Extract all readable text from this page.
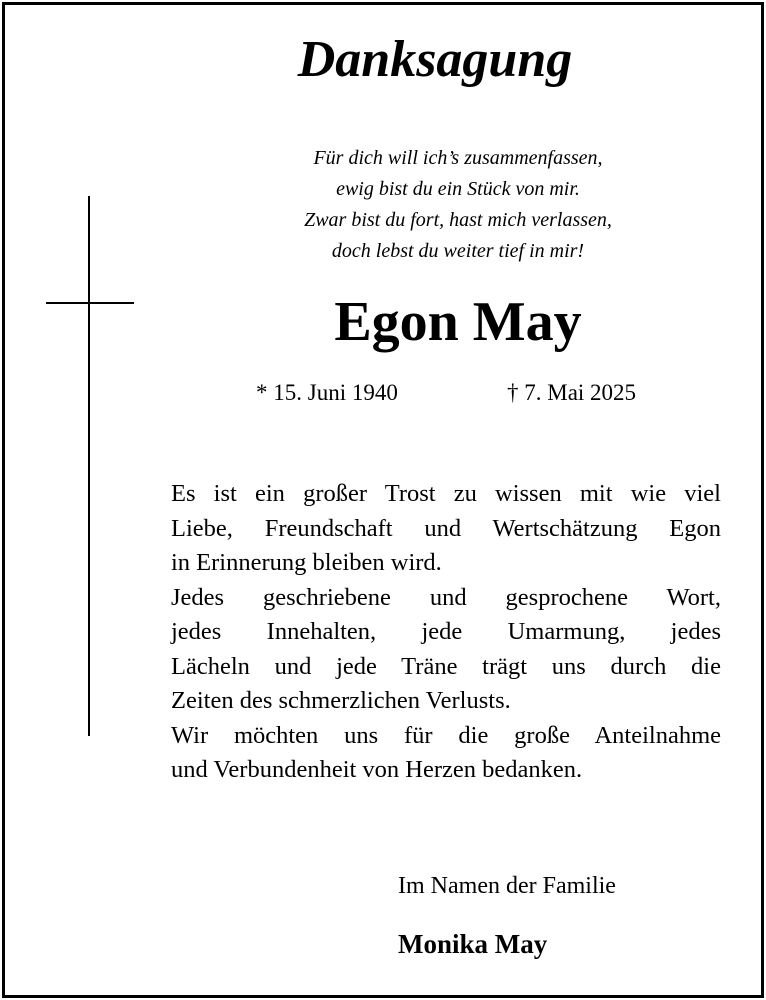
Danksagung
Für dich will ich’s zusammenfassen,
ewig bist du ein Stück von mir.
Zwar bist du fort, hast mich verlassen,
doch lebst du weiter tief in mir!
Egon May
* 15. Juni 1940	† 7. Mai 2025
Es ist ein großer Trost zu wissen mit wie viel
Liebe, Freundschaft und Wertschätzung Egon
in Erinnerung bleiben wird.
Jedes geschriebene und gesprochene Wort,
jedes Innehalten, jede Umarmung, jedes
Lächeln und jede Träne trägt uns durch die
Zeiten des schmerzlichen Verlusts.
Wir möchten uns für die große Anteilnahme
und Verbundenheit von Herzen bedanken.
Im Namen der Familie
Monika May
